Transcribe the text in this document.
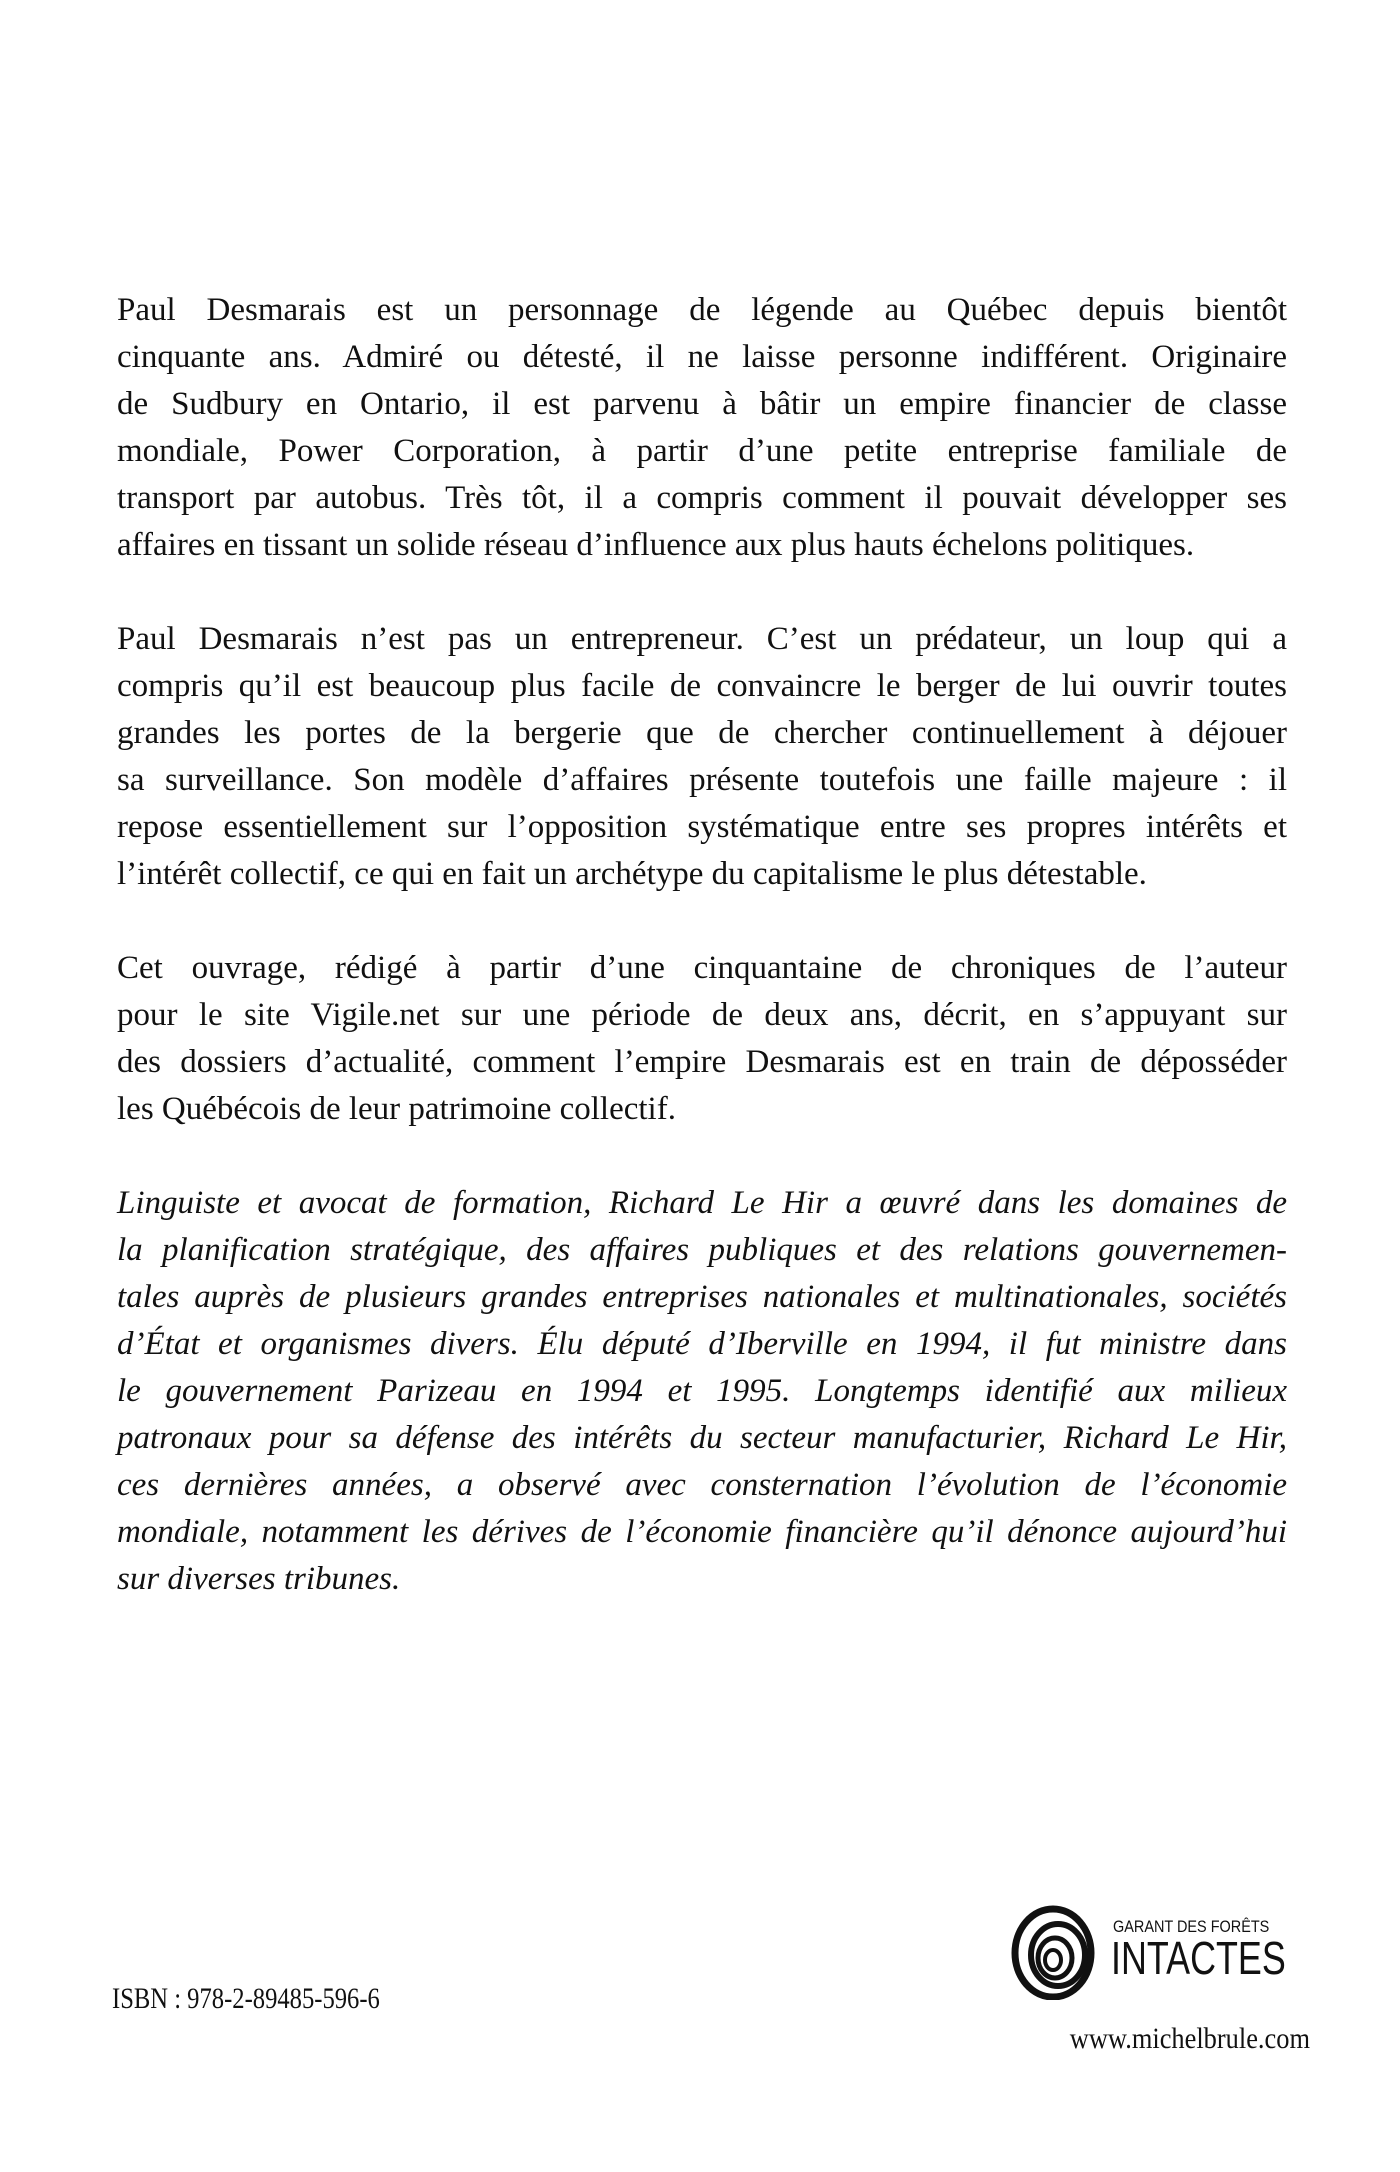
Paul Desmarais est un personnage de légende au Québec depuis bientôt
cinquante ans. Admiré ou détesté, il ne laisse personne indifférent. Originaire
de Sudbury en Ontario, il est parvenu à bâtir un empire financier de classe
mondiale, Power Corporation, à partir d’une petite entreprise familiale de
transport par autobus. Très tôt, il a compris comment il pouvait développer ses
affaires en tissant un solide réseau d’influence aux plus hauts échelons politiques.
Paul Desmarais n’est pas un entrepreneur. C’est un prédateur, un loup qui a
compris qu’il est beaucoup plus facile de convaincre le berger de lui ouvrir toutes
grandes les portes de la bergerie que de chercher continuellement à déjouer
sa surveillance. Son modèle d’affaires présente toutefois une faille majeure : il
repose essentiellement sur l’opposition systématique entre ses propres intérêts et
l’intérêt collectif, ce qui en fait un archétype du capitalisme le plus détestable.
Cet ouvrage, rédigé à partir d’une cinquantaine de chroniques de l’auteur
pour le site Vigile.net sur une période de deux ans, décrit, en s’appuyant sur
des dossiers d’actualité, comment l’empire Desmarais est en train de déposséder
les Québécois de leur patrimoine collectif.
Linguiste et avocat de formation, Richard Le Hir a œuvré dans les domaines de
la planification stratégique, des affaires publiques et des relations gouvernemen-
tales auprès de plusieurs grandes entreprises nationales et multinationales, sociétés
d’État et organismes divers. Élu député d’Iberville en 1994, il fut ministre dans
le gouvernement Parizeau en 1994 et 1995. Longtemps identifié aux milieux
patronaux pour sa défense des intérêts du secteur manufacturier, Richard Le Hir,
ces dernières années, a observé avec consternation l’évolution de l’économie
mondiale, notamment les dérives de l’économie financière qu’il dénonce aujourd’hui
sur diverses tribunes.
GARANT DES FORÊTS
INTACTES
ISBN : 978-2-89485-596-6
www.michelbrule.com
